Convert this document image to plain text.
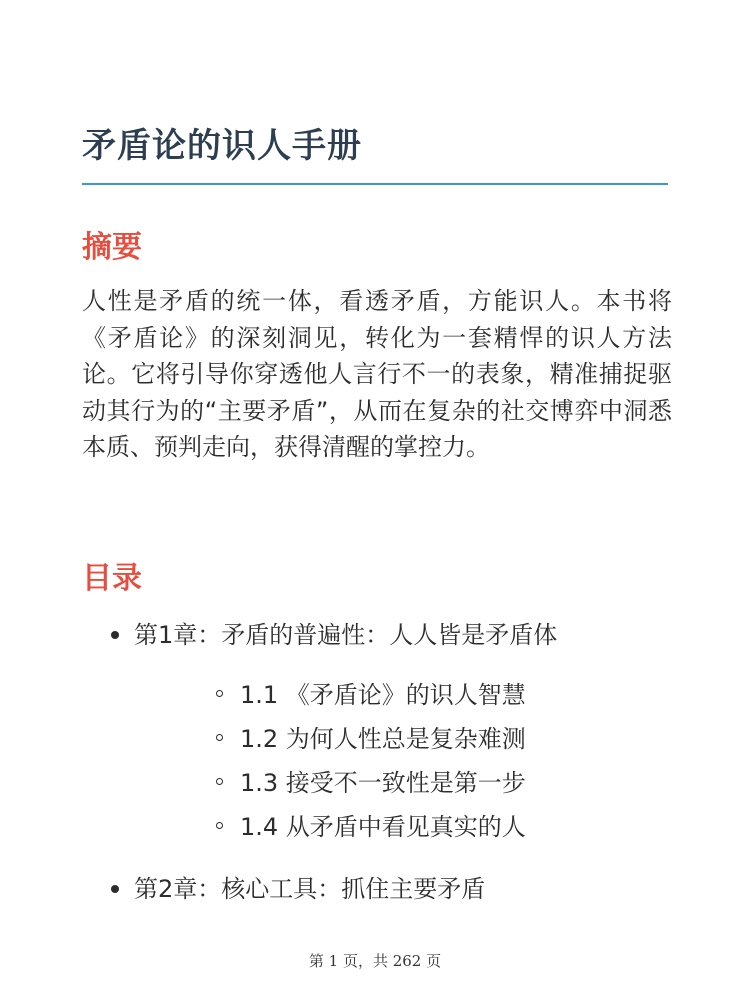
矛盾论的识人手册
摘要

人性是矛盾的统一体，看透矛盾，方能识人。本书将《矛盾论》的深刻洞见，转化为一套精悍的识人方法论。它将引导你穿透他人言行不一的表象，精准捕捉驱动其行为的“主要矛盾”，从而在复杂的社交博弈中洞悉本质、预判走向，获得清醒的掌控力。

目录
第1章：矛盾的普遍性：人人皆是矛盾体
1.1 《矛盾论》的识人智慧
1.2 为何人性总是复杂难测
1.3 接受不一致性是第一步
1.4 从矛盾中看见真实的人
第2章：核心工具：抓住主要矛盾
第 1 页，共 262 页
